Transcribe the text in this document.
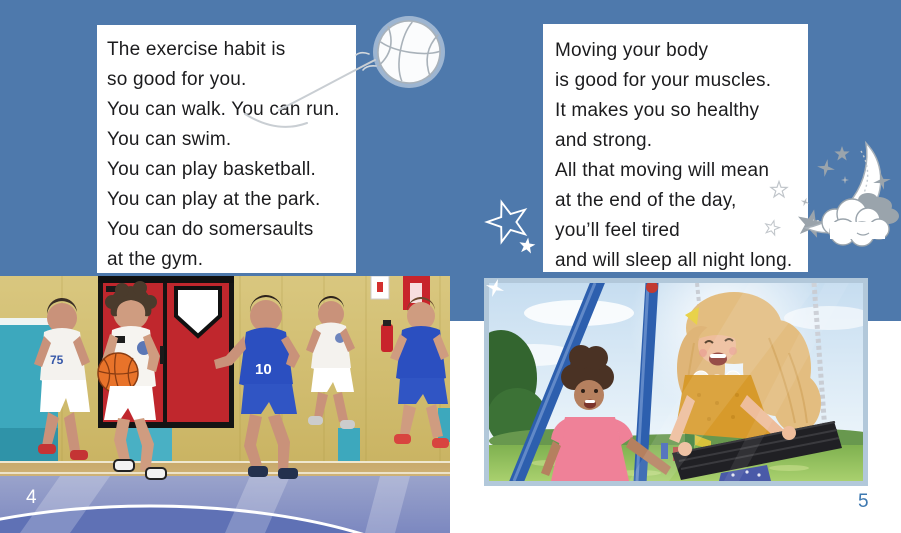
The exercise habit is
so good for you.
You can walk. You can run.
You can swim.
You can play basketball.
You can play at the park.
You can do somersaults
at the gym.
Moving your body
is good for your muscles.
It makes you so healthy
and strong.
All that moving will mean
at the end of the day,
you’ll feel tired
and will sleep all night long.
75
10
4	5
